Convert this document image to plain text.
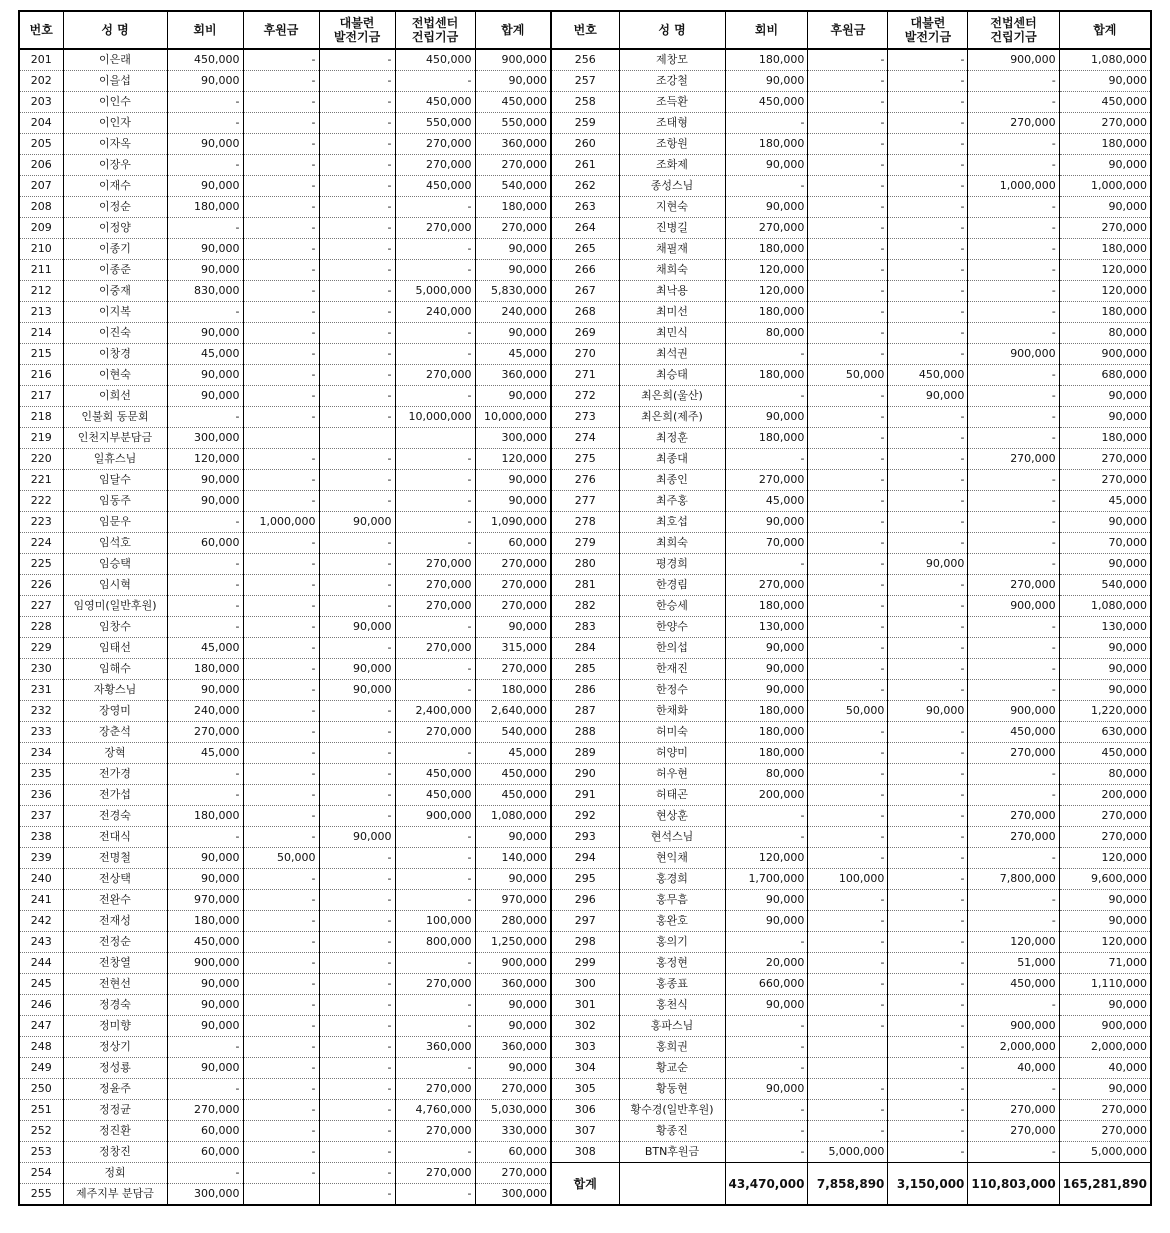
번호	성 명	회비	후원금	대불련
발전기금	전법센터
건립기금	합계	번호	성 명	회비	후원금	대불련
발전기금	전법센터
건립기금	합계
201	이은래	450,000	-	-	450,000	900,000	256	제창모	180,000	-	-	900,000	1,080,000
202	이을섭	90,000	-	-	-	90,000	257	조강철	90,000	-	-	-	90,000
203	이인수	-	-	-	450,000	450,000	258	조득환	450,000	-	-	-	450,000
204	이인자	-	-	-	550,000	550,000	259	조태형	-	-	-	270,000	270,000
205	이자옥	90,000	-	-	270,000	360,000	260	조항원	180,000	-	-	-	180,000
206	이장우	-	-	-	270,000	270,000	261	조화제	90,000	-	-	-	90,000
207	이재수	90,000	-	-	450,000	540,000	262	종성스님	-	-	-	1,000,000	1,000,000
208	이정순	180,000	-	-	-	180,000	263	지현숙	90,000	-	-	-	90,000
209	이정양	-	-	-	270,000	270,000	264	진병길	270,000	-	-	-	270,000
210	이종기	90,000	-	-	-	90,000	265	채필재	180,000	-	-	-	180,000
211	이종준	90,000	-	-	-	90,000	266	채희숙	120,000	-	-	-	120,000
212	이중재	830,000	-	-	5,000,000	5,830,000	267	최낙용	120,000	-	-	-	120,000
213	이지복	-	-	-	240,000	240,000	268	최미선	180,000	-	-	-	180,000
214	이진숙	90,000	-	-	-	90,000	269	최민식	80,000	-	-	-	80,000
215	이창경	45,000	-	-	-	45,000	270	최석권	-	-	-	900,000	900,000
216	이현숙	90,000	-	-	270,000	360,000	271	최승태	180,000	50,000	450,000	-	680,000
217	이희선	90,000	-	-	-	90,000	272	최은희(울산)	-	-	90,000	-	90,000
218	인불회 동문회	-	-	-	10,000,000	10,000,000	273	최은희(제주)	90,000	-	-	-	90,000
219	인천지부분담금	300,000				300,000	274	최정훈	180,000	-	-	-	180,000
220	일휴스님	120,000	-	-	-	120,000	275	최종대	-	-	-	270,000	270,000
221	임달수	90,000	-	-	-	90,000	276	최종인	270,000	-	-	-	270,000
222	임동주	90,000	-	-	-	90,000	277	최주홍	45,000	-	-	-	45,000
223	임문우	-	1,000,000	90,000	-	1,090,000	278	최호섭	90,000	-	-	-	90,000
224	임석호	60,000	-	-	-	60,000	279	최희숙	70,000	-	-	-	70,000
225	임승택	-	-	-	270,000	270,000	280	평경희	-	-	90,000	-	90,000
226	임시혁	-	-	-	270,000	270,000	281	한경림	270,000	-	-	270,000	540,000
227	임영미(일반후원)	-	-	-	270,000	270,000	282	한승세	180,000	-	-	900,000	1,080,000
228	임창수	-	-	90,000	-	90,000	283	한양수	130,000	-	-	-	130,000
229	임태선	45,000	-	-	270,000	315,000	284	한의섭	90,000	-	-	-	90,000
230	임해수	180,000	-	90,000	-	270,000	285	한재진	90,000	-	-	-	90,000
231	자황스님	90,000	-	90,000	-	180,000	286	한정수	90,000	-	-	-	90,000
232	장영미	240,000	-	-	2,400,000	2,640,000	287	한채화	180,000	50,000	90,000	900,000	1,220,000
233	장춘석	270,000	-	-	270,000	540,000	288	허미숙	180,000	-	-	450,000	630,000
234	장혁	45,000	-	-	-	45,000	289	허양미	180,000	-	-	270,000	450,000
235	전가경	-	-	-	450,000	450,000	290	허우현	80,000	-	-	-	80,000
236	전가섭	-	-	-	450,000	450,000	291	허태곤	200,000	-	-	-	200,000
237	전경숙	180,000	-	-	900,000	1,080,000	292	현상훈	-	-	-	270,000	270,000
238	전대식	-	-	90,000	-	90,000	293	현석스님	-	-	-	270,000	270,000
239	전명철	90,000	50,000	-	-	140,000	294	현익채	120,000	-	-	-	120,000
240	전상택	90,000	-	-	-	90,000	295	홍경희	1,700,000	100,000	-	7,800,000	9,600,000
241	전완수	970,000	-	-	-	970,000	296	홍무흠	90,000	-	-	-	90,000
242	전재성	180,000	-	-	100,000	280,000	297	홍완호	90,000	-	-	-	90,000
243	전정순	450,000	-	-	800,000	1,250,000	298	홍의기	-	-	-	120,000	120,000
244	전창열	900,000	-	-	-	900,000	299	홍정현	20,000	-	-	51,000	71,000
245	전현선	90,000	-	-	270,000	360,000	300	홍종표	660,000	-	-	450,000	1,110,000
246	정경숙	90,000	-	-	-	90,000	301	홍천식	90,000	-	-	-	90,000
247	정미향	90,000	-	-	-	90,000	302	홍파스님	-	-	-	900,000	900,000
248	정상기	-	-	-	360,000	360,000	303	홍희권	-		-	2,000,000	2,000,000
249	정성룡	90,000	-	-	-	90,000	304	황교순	-		-	40,000	40,000
250	정윤주	-	-	-	270,000	270,000	305	황동현	90,000	-	-	-	90,000
251	정정균	270,000	-	-	4,760,000	5,030,000	306	황수경(일반후원)	-	-	-	270,000	270,000
252	정진환	60,000	-	-	270,000	330,000	307	황종진	-	-	-	270,000	270,000
253	정창진	60,000	-	-	-	60,000	308	BTN후원금	-	5,000,000	-	-	5,000,000
254	정회	-	-	-	270,000	270,000	합계		43,470,000	7,858,890	3,150,000	110,803,000	165,281,890
255	제주지부 분담금	300,000		-	-	300,000							
